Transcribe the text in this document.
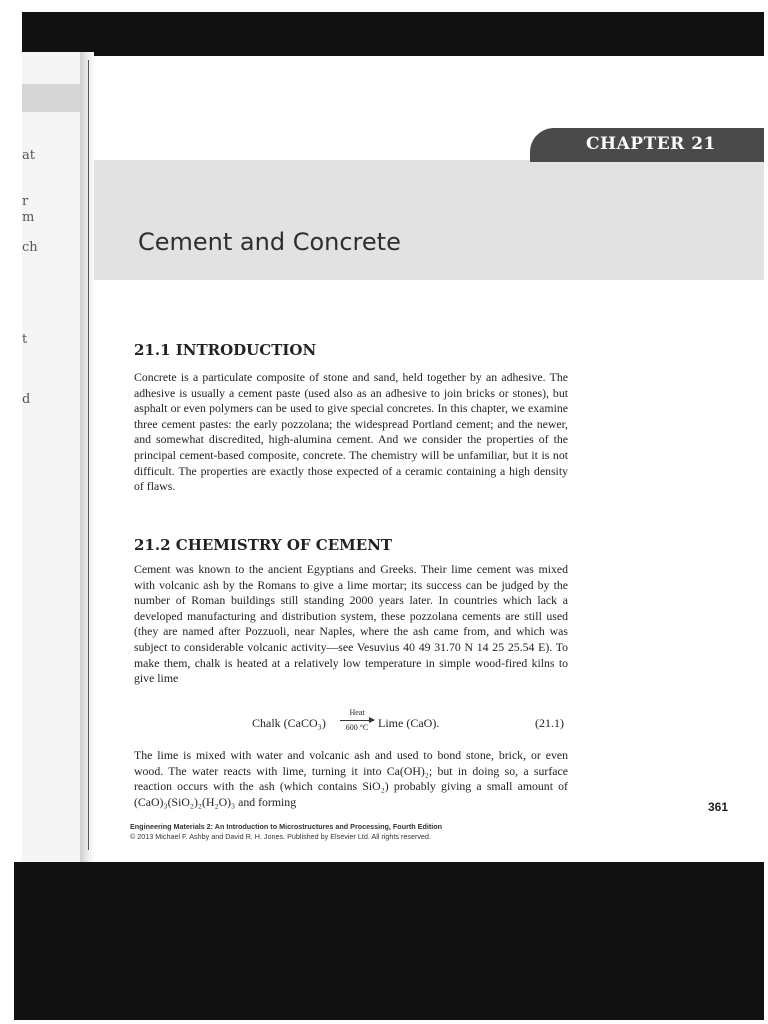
at
r
m
ch
t
d
CHAPTER 21
Cement and Concrete
21.1 INTRODUCTION

Concrete is a particulate composite of stone and sand, held together by an adhesive. The adhesive is usually a cement paste (used also as an adhesive to join bricks or stones), but asphalt or even polymers can be used to give special concretes. In this chapter, we examine three cement pastes: the early pozzolana; the widespread Portland cement; and the newer, and somewhat discredited, high-alumina cement. And we consider the properties of the principal cement-based composite, concrete. The chemistry will be unfamiliar, but it is not difficult. The properties are exactly those expected of a ceramic containing a high density of flaws.

21.2 CHEMISTRY OF CEMENT

Cement was known to the ancient Egyptians and Greeks. Their lime cement was mixed with volcanic ash by the Romans to give a lime mortar; its success can be judged by the number of Roman buildings still standing 2000 years later. In countries which lack a developed manufacturing and distribution system, these pozzolana cements are still used (they are named after Pozzuoli, near Naples, where the ash came from, and which was subject to considerable volcanic activity—see Vesuvius 40 49 31.70 N 14 25 25.54 E). To make them, chalk is heated at a relatively low temperature in simple wood-fired kilns to give lime

Chalk (CaCO₃)
Heat
600 °C Lime (CaO).	(21.1)

The lime is mixed with water and volcanic ash and used to bond stone, brick, or even wood. The water reacts with lime, turning it into Ca(OH)₂; but in doing so, a surface reaction occurs with the ash (which contains SiO₂) probably giving a small amount of (CaO)₃(SiO₂)₂(H₂O)₃ and forming	361
Engineering Materials 2: An Introduction to Microstructures and Processing, Fourth Edition
© 2013 Michael F. Ashby and David R. H. Jones. Published by Elsevier Ltd. All rights reserved.
